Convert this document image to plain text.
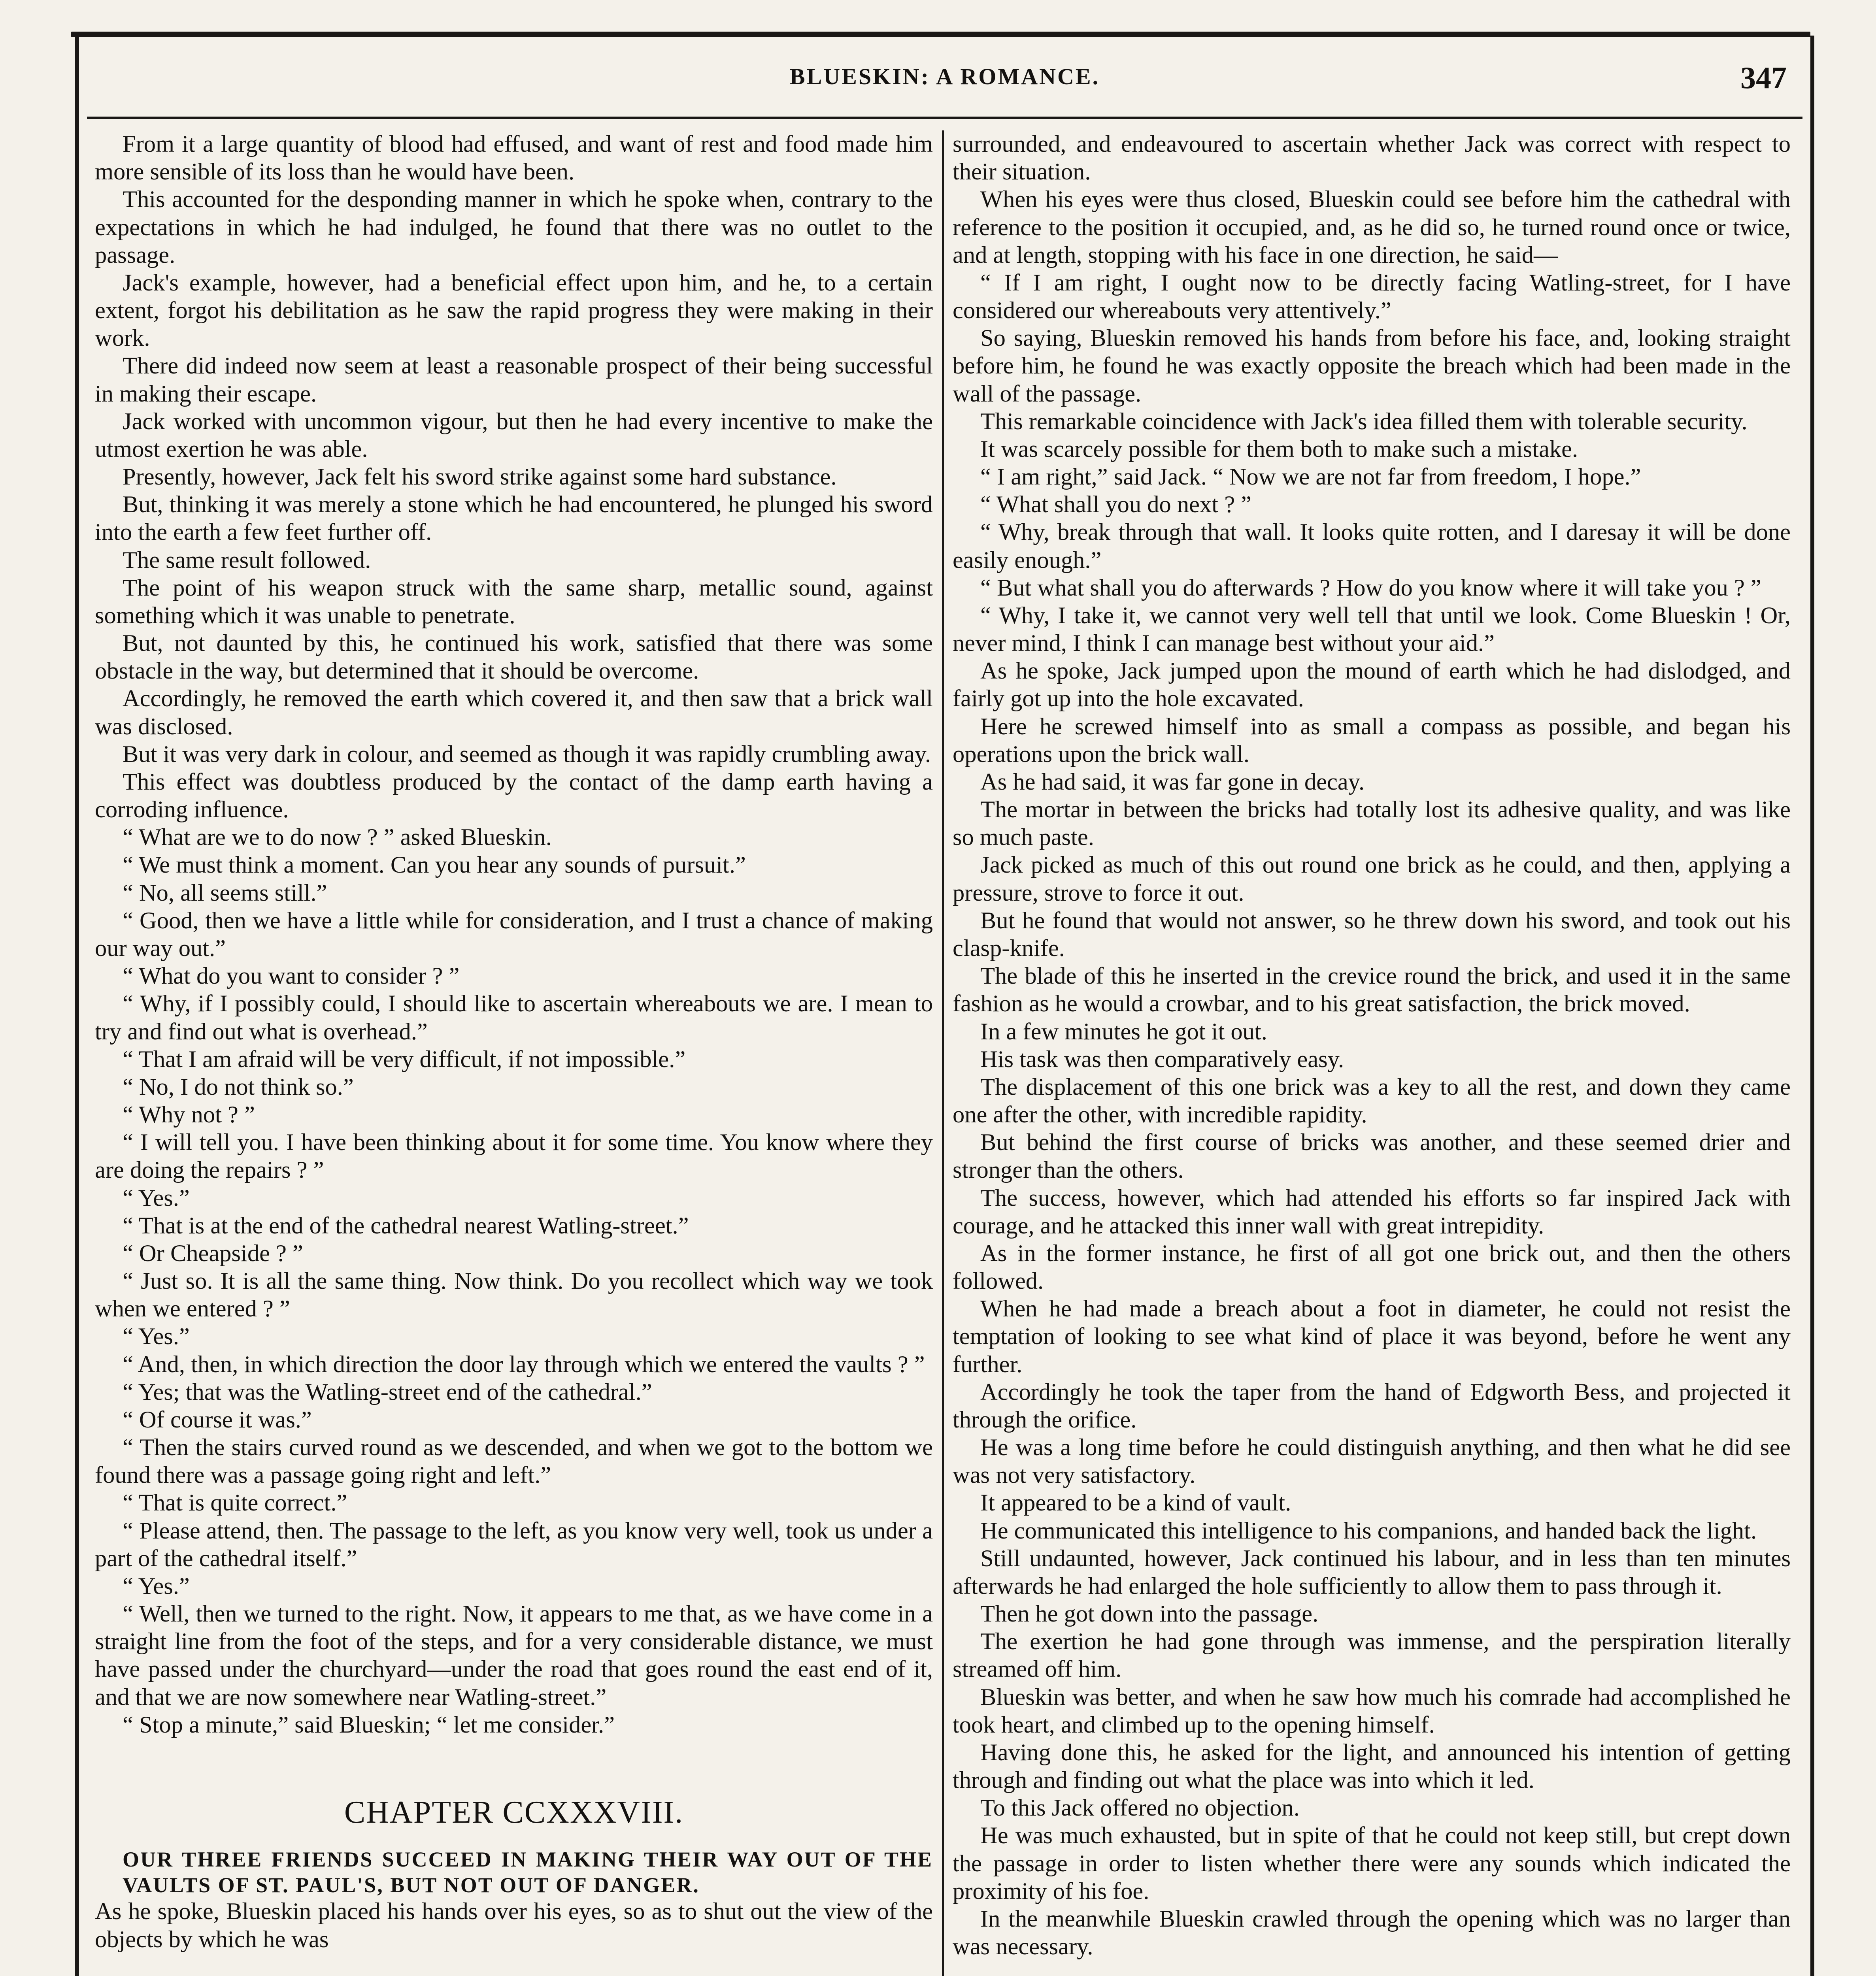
BLUESKIN: A ROMANCE.	347

From it a large quantity of blood had effused, and want of rest and food made him more sensible of its loss than he would have been.

This accounted for the desponding manner in which he spoke when, contrary to the expectations in which he had indulged, he found that there was no outlet to the passage.

Jack's example, however, had a beneficial effect upon him, and he, to a certain extent, forgot his debilitation as he saw the rapid progress they were making in their work.

There did indeed now seem at least a reasonable prospect of their being successful in making their escape.

Jack worked with uncommon vigour, but then he had every incentive to make the utmost exertion he was able.

Presently, however, Jack felt his sword strike against some hard substance.

But, thinking it was merely a stone which he had encountered, he plunged his sword into the earth a few feet further off.

The same result followed.

The point of his weapon struck with the same sharp, metallic sound, against something which it was unable to penetrate.

But, not daunted by this, he continued his work, satisfied that there was some obstacle in the way, but determined that it should be overcome.

Accordingly, he removed the earth which covered it, and then saw that a brick wall was disclosed.

But it was very dark in colour, and seemed as though it was rapidly crumbling away.

This effect was doubtless produced by the contact of the damp earth having a corroding influence.

“ What are we to do now ? ” asked Blueskin.

“ We must think a moment. Can you hear any sounds of pursuit.”

“ No, all seems still.”

“ Good, then we have a little while for consideration, and I trust a chance of making our way out.”

“ What do you want to consider ? ”

“ Why, if I possibly could, I should like to ascertain whereabouts we are. I mean to try and find out what is overhead.”

“ That I am afraid will be very difficult, if not impossible.”

“ No, I do not think so.”

“ Why not ? ”

“ I will tell you. I have been thinking about it for some time. You know where they are doing the repairs ? ”

“ Yes.”

“ That is at the end of the cathedral nearest Watling-street.”

“ Or Cheapside ? ”

“ Just so. It is all the same thing. Now think. Do you recollect which way we took when we entered ? ”

“ Yes.”

“ And, then, in which direction the door lay through which we entered the vaults ? ”

“ Yes; that was the Watling-street end of the cathedral.”

“ Of course it was.”

“ Then the stairs curved round as we descended, and when we got to the bottom we found there was a passage going right and left.”

“ That is quite correct.”

“ Please attend, then. The passage to the left, as you know very well, took us under a part of the cathedral itself.”

“ Yes.”

“ Well, then we turned to the right. Now, it appears to me that, as we have come in a straight line from the foot of the steps, and for a very considerable distance, we must have passed under the churchyard—under the road that goes round the east end of it, and that we are now somewhere near Watling-street.”

“ Stop a minute,” said Blueskin; “ let me consider.”

CHAPTER CCXXXVIII.

OUR THREE FRIENDS SUCCEED IN MAKING THEIR WAY OUT OF THE VAULTS OF ST. PAUL'S, BUT NOT OUT OF DANGER.

As he spoke, Blueskin placed his hands over his eyes, so as to shut out the view of the objects by which he was

surrounded, and endeavoured to ascertain whether Jack was correct with respect to their situation.

When his eyes were thus closed, Blueskin could see before him the cathedral with reference to the position it occupied, and, as he did so, he turned round once or twice, and at length, stopping with his face in one direction, he said—

“ If I am right, I ought now to be directly facing Watling-street, for I have considered our whereabouts very attentively.”

So saying, Blueskin removed his hands from before his face, and, looking straight before him, he found he was exactly opposite the breach which had been made in the wall of the passage.

This remarkable coincidence with Jack's idea filled them with tolerable security.

It was scarcely possible for them both to make such a mistake.

“ I am right,” said Jack. “ Now we are not far from freedom, I hope.”

“ What shall you do next ? ”

“ Why, break through that wall. It looks quite rotten, and I daresay it will be done easily enough.”

“ But what shall you do afterwards ? How do you know where it will take you ? ”

“ Why, I take it, we cannot very well tell that until we look. Come Blueskin ! Or, never mind, I think I can manage best without your aid.”

As he spoke, Jack jumped upon the mound of earth which he had dislodged, and fairly got up into the hole excavated.

Here he screwed himself into as small a compass as possible, and began his operations upon the brick wall.

As he had said, it was far gone in decay.

The mortar in between the bricks had totally lost its adhesive quality, and was like so much paste.

Jack picked as much of this out round one brick as he could, and then, applying a pressure, strove to force it out.

But he found that would not answer, so he threw down his sword, and took out his clasp-knife.

The blade of this he inserted in the crevice round the brick, and used it in the same fashion as he would a crowbar, and to his great satisfaction, the brick moved.

In a few minutes he got it out.

His task was then comparatively easy.

The displacement of this one brick was a key to all the rest, and down they came one after the other, with incredible rapidity.

But behind the first course of bricks was another, and these seemed drier and stronger than the others.

The success, however, which had attended his efforts so far inspired Jack with courage, and he attacked this inner wall with great intrepidity.

As in the former instance, he first of all got one brick out, and then the others followed.

When he had made a breach about a foot in diameter, he could not resist the temptation of looking to see what kind of place it was beyond, before he went any further.

Accordingly he took the taper from the hand of Edgworth Bess, and projected it through the orifice.

He was a long time before he could distinguish anything, and then what he did see was not very satisfactory.

It appeared to be a kind of vault.

He communicated this intelligence to his companions, and handed back the light.

Still undaunted, however, Jack continued his labour, and in less than ten minutes afterwards he had enlarged the hole sufficiently to allow them to pass through it.

Then he got down into the passage.

The exertion he had gone through was immense, and the perspiration literally streamed off him.

Blueskin was better, and when he saw how much his comrade had accomplished he took heart, and climbed up to the opening himself.

Having done this, he asked for the light, and announced his intention of getting through and finding out what the place was into which it led.

To this Jack offered no objection.

He was much exhausted, but in spite of that he could not keep still, but crept down the passage in order to listen whether there were any sounds which indicated the proximity of his foe.

In the meanwhile Blueskin crawled through the opening which was no larger than was necessary.
